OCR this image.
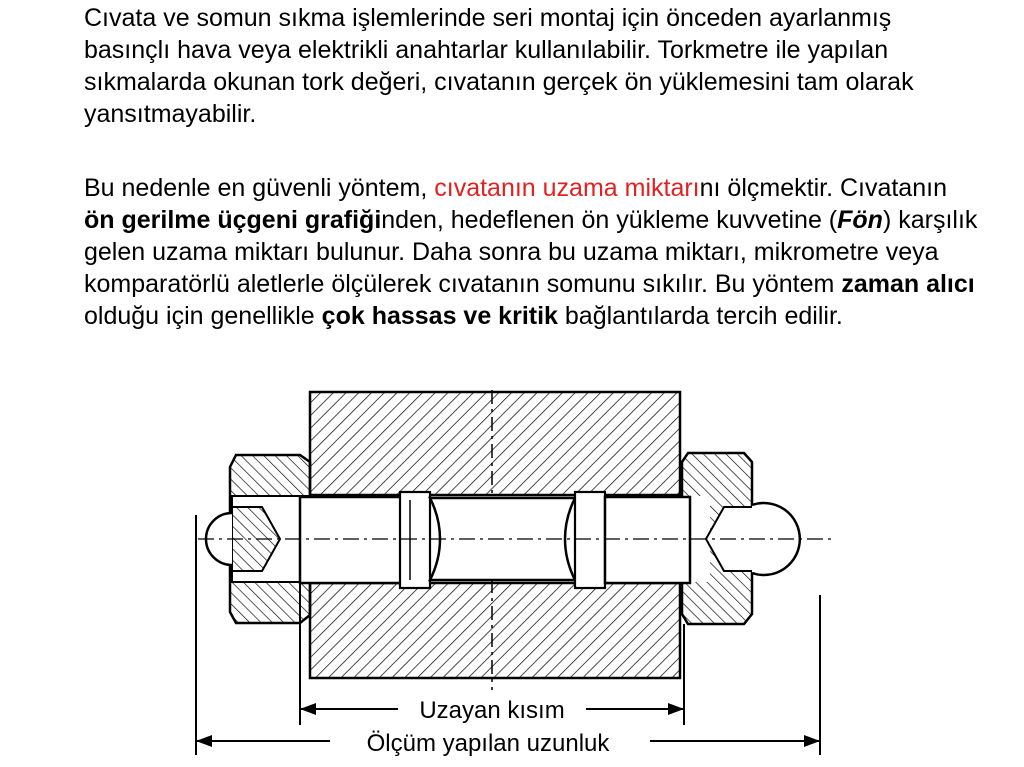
Cıvata ve somun sıkma işlemlerinde seri montaj için önceden ayarlanmış basınçlı hava veya elektrikli anahtarlar kullanılabilir. Torkmetre ile yapılan sıkmalarda okunan tork değeri, cıvatanın gerçek ön yüklemesini tam olarak yansıtmayabilir.

Bu nedenle en güvenli yöntem, cıvatanın uzama miktarını ölçmektir. Cıvatanın ön gerilme üçgeni grafiğinden, hedeflenen ön yükleme kuvvetine (Fön) karşılık gelen uzama miktarı bulunur. Daha sonra bu uzama miktarı, mikrometre veya komparatörlü aletlerle ölçülerek cıvatanın somunu sıkılır. Bu yöntem zaman alıcı olduğu için genellikle çok hassas ve kritik bağlantılarda tercih edilir.

Uzayan kısım
Ölçüm yapılan uzunluk
